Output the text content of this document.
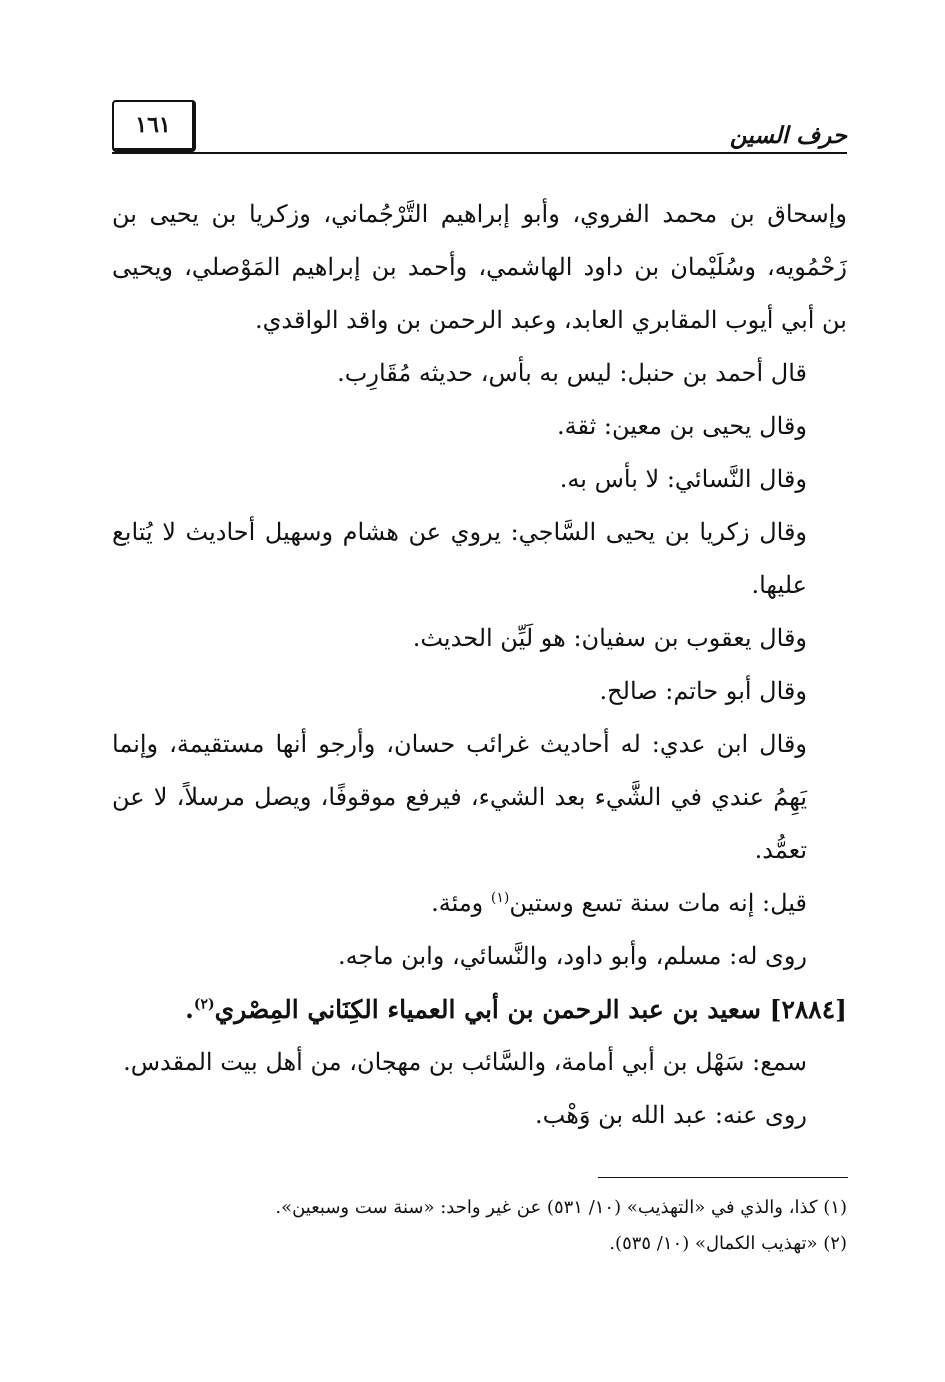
حرف السين
١٦١

وإسحاق بن محمد الفروي، وأبو إبراهيم التَّرْجُماني، وزكريا بن يحيى بن زَحْمُويه، وسُلَيْمان بن داود الهاشمي، وأحمد بن إبراهيم المَوْصلي، ويحيى بن أبي أيوب المقابري العابد، وعبد الرحمن بن واقد الواقدي.

قال أحمد بن حنبل: ليس به بأس، حديثه مُقَارِب.

وقال يحيى بن معين: ثقة.

وقال النَّسائي: لا بأس به.

وقال زكريا بن يحيى السَّاجي: يروي عن هشام وسهيل أحاديث لا يُتابع عليها.

وقال يعقوب بن سفيان: هو لَيِّن الحديث.

وقال أبو حاتم: صالح.

وقال ابن عدي: له أحاديث غرائب حسان، وأرجو أنها مستقيمة، وإنما يَهِمُ عندي في الشَّيء بعد الشيء، فيرفع موقوفًا، ويصل مرسلاً، لا عن تعمُّد.

قيل: إنه مات سنة تسع وستين$^{(١)}$ ومئة.

روى له: مسلم، وأبو داود، والنَّسائي، وابن ماجه.

[٢٨٨٤] سعيد بن عبد الرحمن بن أبي العمياء الكِنَاني المِصْري$^{(٢)}$.

سمع: سَهْل بن أبي أمامة، والسَّائب بن مهجان، من أهل بيت المقدس.

روى عنه: عبد الله بن وَهْب.

(١) كذا، والذي في «التهذيب» (١٠/ ٥٣١) عن غير واحد: «سنة ست وسبعين».

(٢) «تهذيب الكمال» (١٠/ ٥٣٥).
